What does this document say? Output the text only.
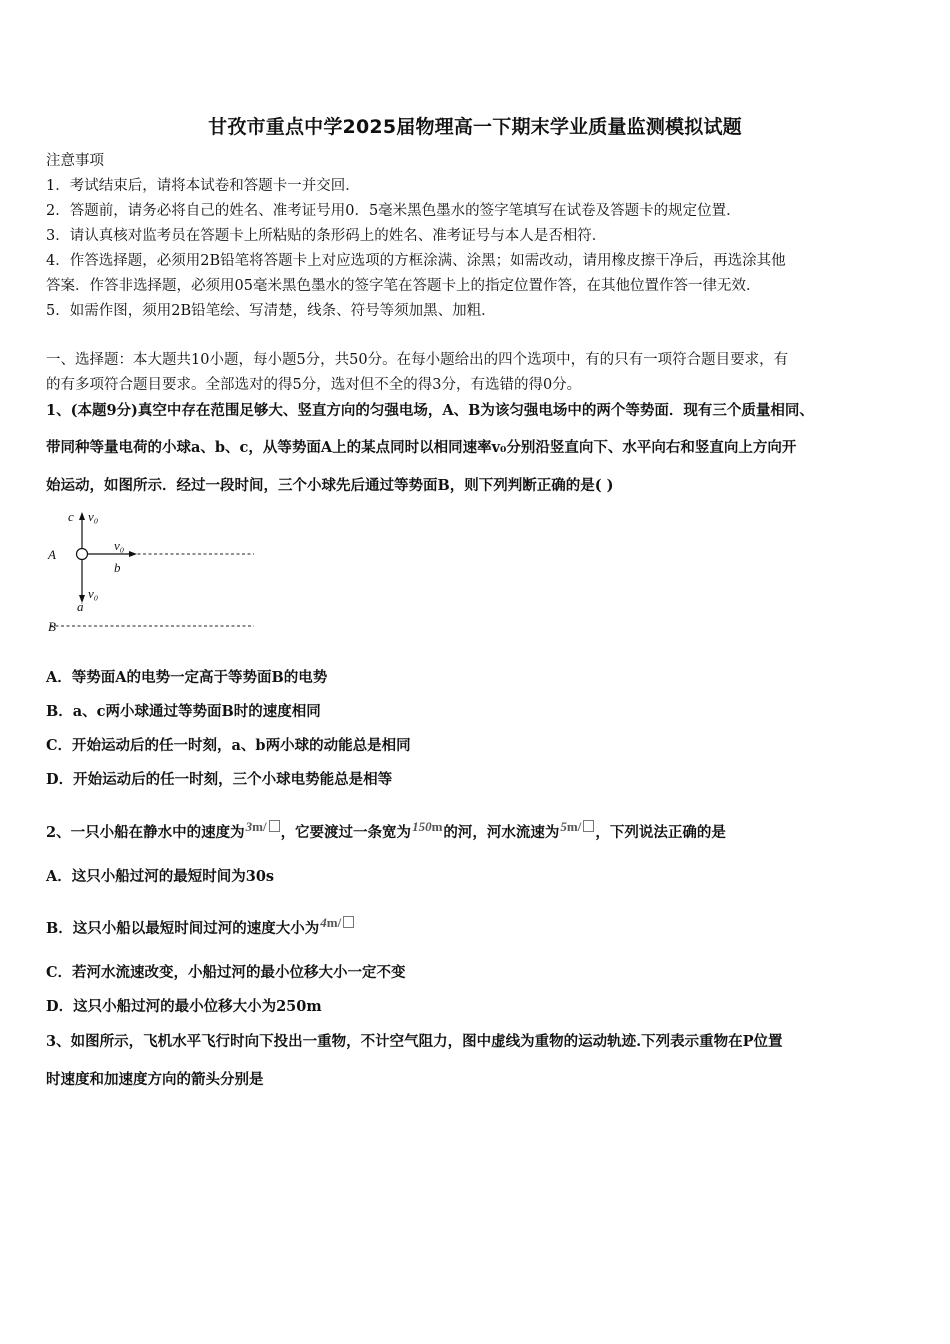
甘孜市重点中学2025届物理高一下期末学业质量监测模拟试题
注意事项
1．考试结束后，请将本试卷和答题卡一并交回．
2．答题前，请务必将自己的姓名、准考证号用0．5毫米黑色墨水的签字笔填写在试卷及答题卡的规定位置．
3．请认真核对监考员在答题卡上所粘贴的条形码上的姓名、准考证号与本人是否相符．
4．作答选择题，必须用2B铅笔将答题卡上对应选项的方框涂满、涂黑；如需改动，请用橡皮擦干净后，再选涂其他
答案．作答非选择题，必须用05毫米黑色墨水的签字笔在答题卡上的指定位置作答，在其他位置作答一律无效．
5．如需作图，须用2B铅笔绘、写清楚，线条、符号等须加黑、加粗．
一、选择题：本大题共10小题，每小题5分，共50分。在每小题给出的四个选项中，有的只有一项符合题目要求，有
的有多项符合题目要求。全部选对的得5分，选对但不全的得3分，有选错的得0分。
1、(本题9分)真空中存在范围足够大、竖直方向的匀强电场，A、B为该匀强电场中的两个等势面．现有三个质量相同、
带同种等量电荷的小球a、b、c，从等势面A上的某点同时以相同速率v₀分别沿竖直向下、水平向右和竖直向上方向开
始运动，如图所示．经过一段时间，三个小球先后通过等势面B，则下列判断正确的是( )
c v₀
A
v₀
b
v₀
a
B
A．等势面A的电势一定高于等势面B的电势
B．a、c两小球通过等势面B时的速度相同
C．开始运动后的任一时刻，a、b两小球的动能总是相同
D．开始运动后的任一时刻，三个小球电势能总是相等
2、一只小船在静水中的速度为3m/ ，它要渡过一条宽为150m的河，河水流速为5m/ ，下列说法正确的是
A．这只小船过河的最短时间为30s
B．这只小船以最短时间过河的速度大小为4m/
C．若河水流速改变，小船过河的最小位移大小一定不变
D．这只小船过河的最小位移大小为250m
3、如图所示，飞机水平飞行时向下投出一重物，不计空气阻力，图中虚线为重物的运动轨迹.下列表示重物在P位置
时速度和加速度方向的箭头分别是
